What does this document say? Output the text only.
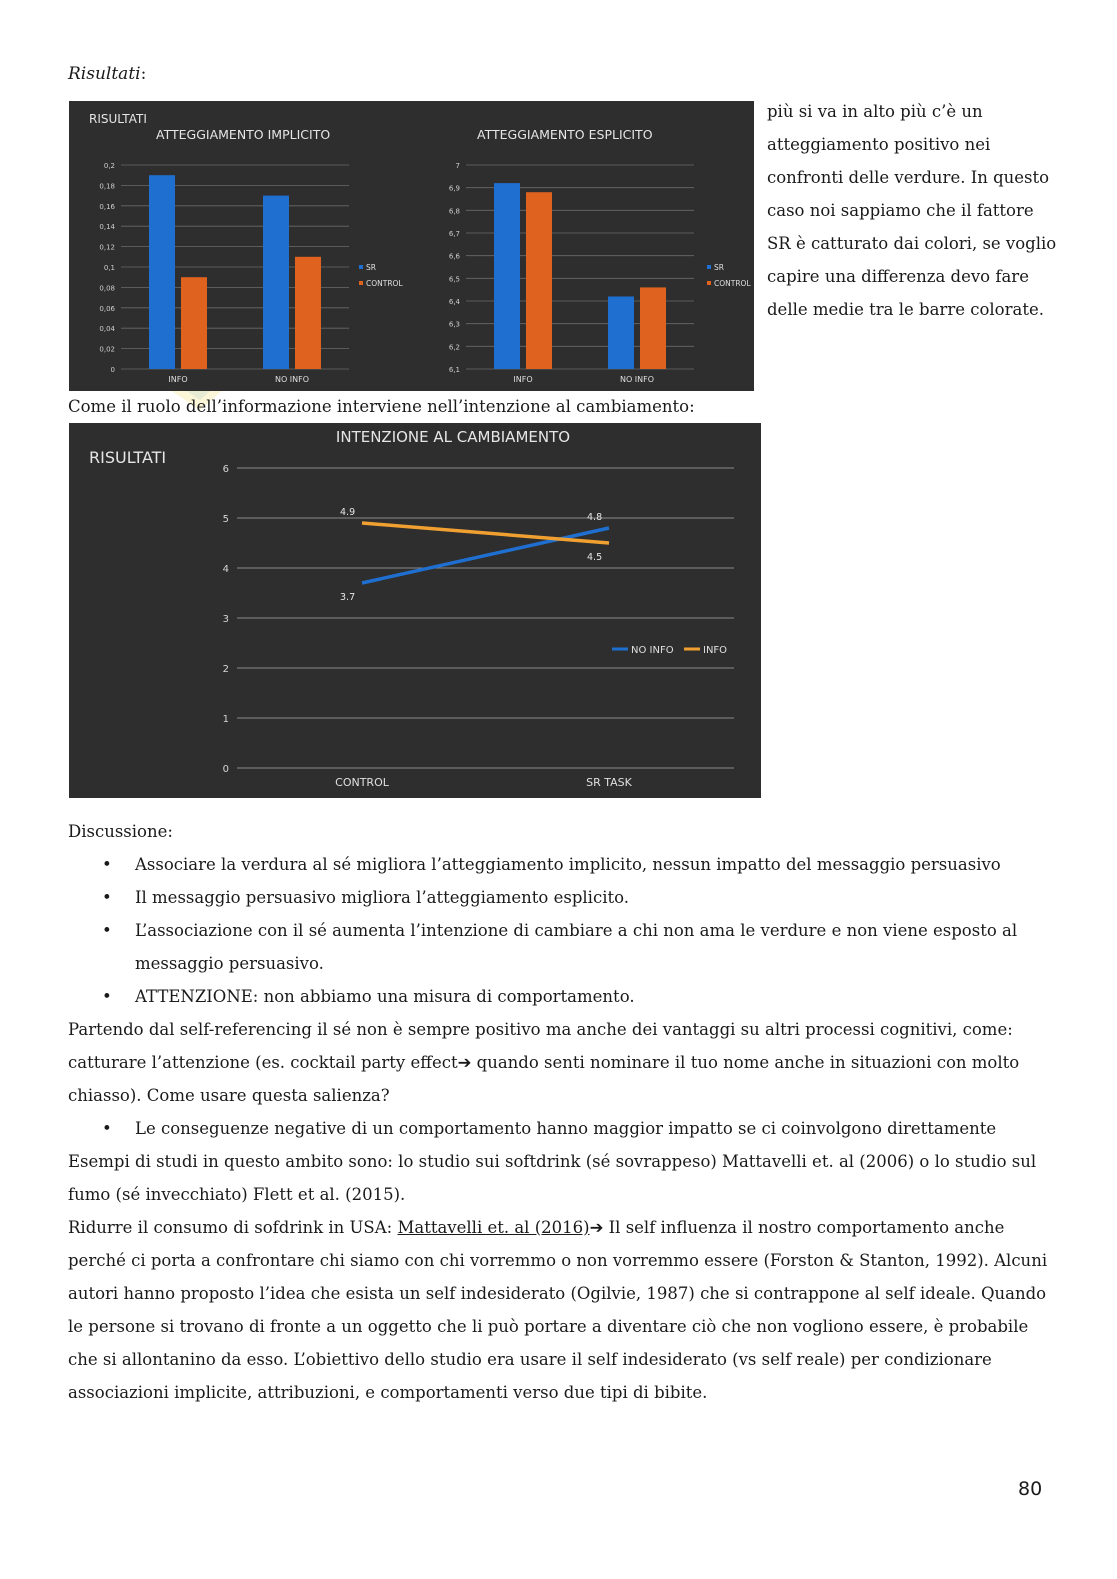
Risultati:
RISULTATI
ATTEGGIAMENTO IMPLICITO
0
0,02
0,04
0,06
0,08
0,1
0,12
0,14
0,16
0,18
0,2
INFO	NO INFO
SR
CONTROL
ATTEGGIAMENTO ESPLICITO
6,1
6,2
6,3
6,4
6,5
6,6
6,7
6,8
6,9
7
INFO	NO INFO
SR
CONTROL
più si va in alto più c’è un atteggiamento positivo nei confronti delle verdure. In questo caso noi sappiamo che il fattore SR è catturato dai colori, se voglio capire una differenza devo fare delle medie tra le barre colorate.
Come il ruolo dell’informazione interviene nell’intenzione al cambiamento:
RISULTATI
INTENZIONE AL CAMBIAMENTO
0
1
2
3
4
5
6
CONTROL	SR TASK
3.7
4.8
4.9
4.5
NO INFO	INFO

Discussione:

• Associare la verdura al sé migliora l’atteggiamento implicito, nessun impatto del messaggio persuasivo
• Il messaggio persuasivo migliora l’atteggiamento esplicito.
• L’associazione con il sé aumenta l’intenzione di cambiare a chi non ama le verdure e non viene esposto al messaggio persuasivo.
• ATTENZIONE: non abbiamo una misura di comportamento.

Partendo dal self-referencing il sé non è sempre positivo ma anche dei vantaggi su altri processi cognitivi, come: catturare l’attenzione (es. cocktail party effect➔ quando senti nominare il tuo nome anche in situazioni con molto chiasso). Come usare questa salienza?

• Le conseguenze negative di un comportamento hanno maggior impatto se ci coinvolgono direttamente

Esempi di studi in questo ambito sono: lo studio sui softdrink (sé sovrappeso) Mattavelli et. al (2006) o lo studio sul fumo (sé invecchiato) Flett et al. (2015).

Ridurre il consumo di sofdrink in USA: Mattavelli et. al (2016)➔ Il self influenza il nostro comportamento anche perché ci porta a confrontare chi siamo con chi vorremmo o non vorremmo essere (Forston & Stanton, 1992). Alcuni autori hanno proposto l’idea che esista un self indesiderato (Ogilvie, 1987) che si contrappone al self ideale. Quando le persone si trovano di fronte a un oggetto che li può portare a diventare ciò che non vogliono essere, è probabile che si allontanino da esso. L’obiettivo dello studio era usare il self indesiderato (vs self reale) per condizionare associazioni implicite, attribuzioni, e comportamenti verso due tipi di bibite.

80
